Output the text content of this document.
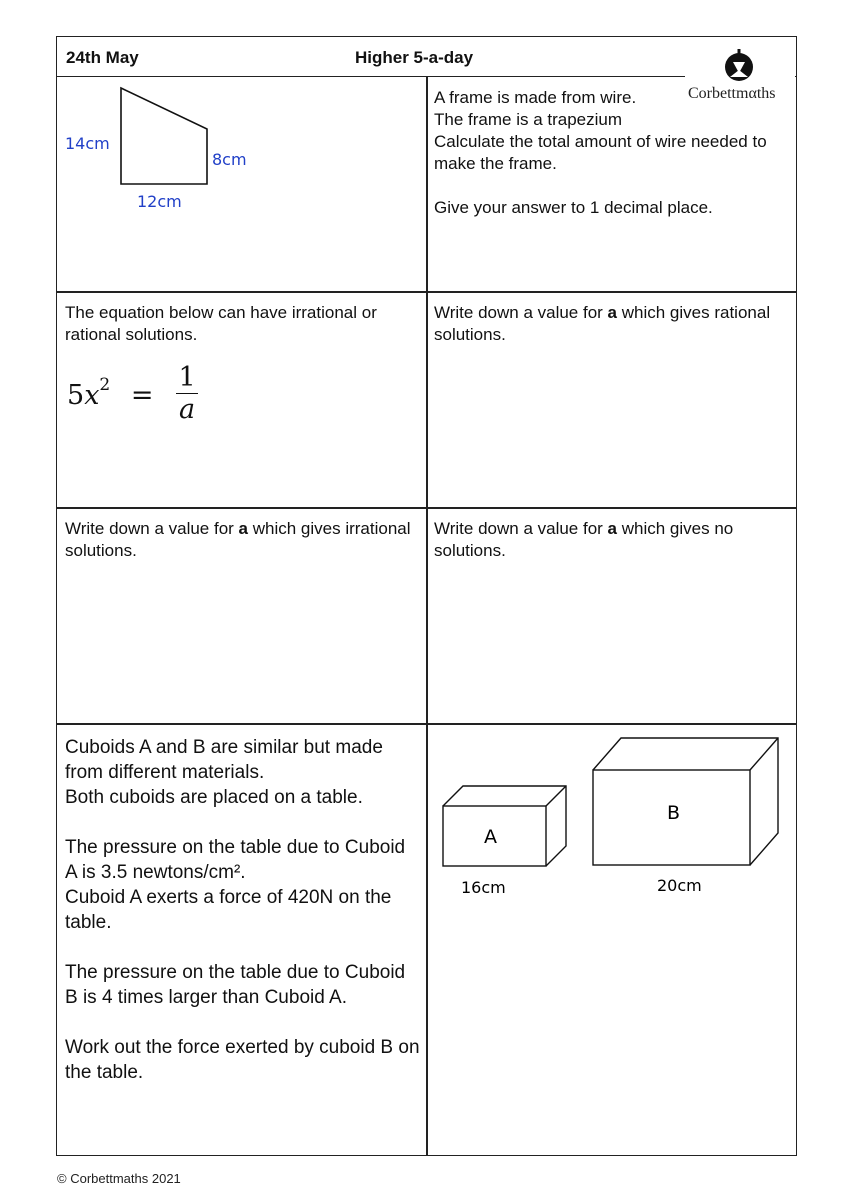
24th May	Higher 5-a-day
Corbettmαths
14cm
8cm
12cm

A frame is made from wire.

The frame is a trapezium

Calculate the total amount of wire needed to make the frame.

Give your answer to 1 decimal place.

The equation below can have irrational or rational solutions.

$5x^2 = \frac{1}{a}$

Write down a value for a which gives rational solutions.

Write down a value for a which gives irrational solutions.

Write down a value for a which gives no solutions.

Cuboids A and B are similar but made from different materials.

Both cuboids are placed on a table.

The pressure on the table due to Cuboid A is 3.5 newtons/cm².

Cuboid A exerts a force of 420N on the table.

The pressure on the table due to Cuboid B is 4 times larger than Cuboid A.

Work out the force exerted by cuboid B on the table.

A
16cm
B
20cm
© Corbettmaths 2021
